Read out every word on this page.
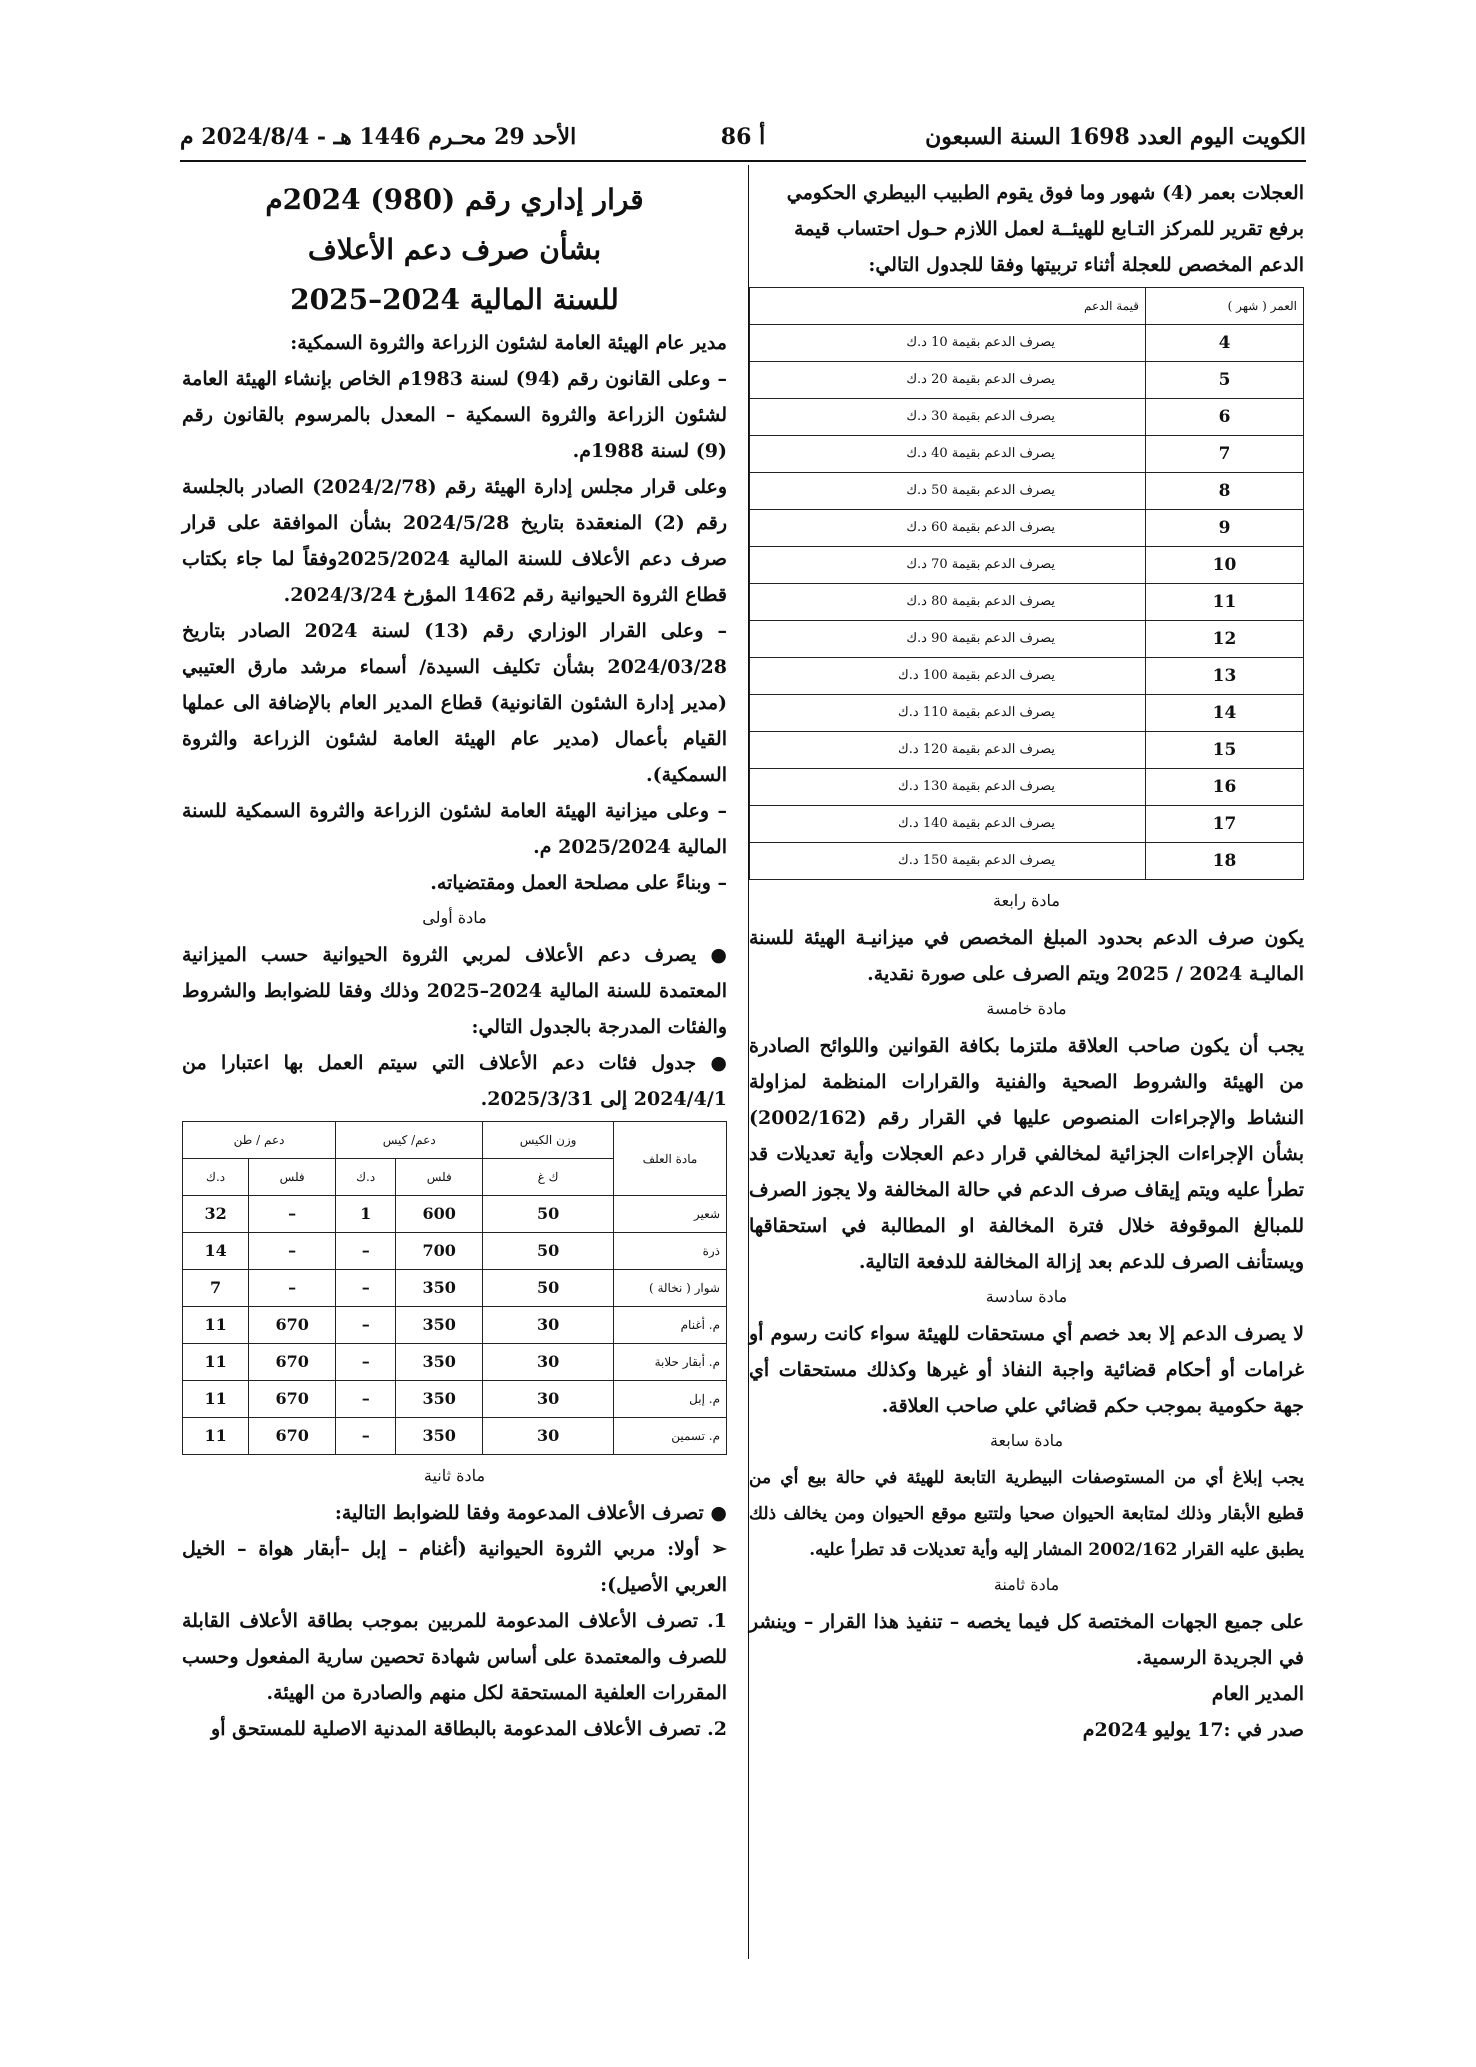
الكويت اليوم العدد 1698 السنة السبعون
أ 86
الأحد 29 محـرم 1446 هـ - 2024/8/4 م

العجلات بعمر (4) شهور وما فوق يقوم الطبيب البيطري الحكومي

برفع تقرير للمركز التـابع للهيئــة لعمل اللازم حـول احتساب قيمة

الدعم المخصص للعجلة أثناء تربيتها وفقا للجدول التالي:

العمر ( شهر )	قيمة الدعم
4	يصرف الدعم بقيمة 10 د.ك
5	يصرف الدعم بقيمة 20 د.ك
6	يصرف الدعم بقيمة 30 د.ك
7	يصرف الدعم بقيمة 40 د.ك
8	يصرف الدعم بقيمة 50 د.ك
9	يصرف الدعم بقيمة 60 د.ك
10	يصرف الدعم بقيمة 70 د.ك
11	يصرف الدعم بقيمة 80 د.ك
12	يصرف الدعم بقيمة 90 د.ك
13	يصرف الدعم بقيمة 100 د.ك
14	يصرف الدعم بقيمة 110 د.ك
15	يصرف الدعم بقيمة 120 د.ك
16	يصرف الدعم بقيمة 130 د.ك
17	يصرف الدعم بقيمة 140 د.ك
18	يصرف الدعم بقيمة 150 د.ك
مادة رابعة

يكون صرف الدعم بحدود المبلغ المخصص في ميزانيـة الهيئة للسنة الماليـة 2024 / 2025 ويتم الصرف على صورة نقدية.

مادة خامسة

يجب أن يكون صاحب العلاقة ملتزما بكافة القوانين واللوائح الصادرة من الهيئة والشروط الصحية والفنية والقرارات المنظمة لمزاولة النشاط والإجراءات المنصوص عليها في القرار رقم (2002/162) بشأن الإجراءات الجزائية لمخالفي قرار دعم العجلات وأية تعديلات قد تطرأ عليه ويتم إيقاف صرف الدعم في حالة المخالفة ولا يجوز الصرف للمبالغ الموقوفة خلال فترة المخالفة او المطالبة في استحقاقها ويستأنف الصرف للدعم بعد إزالة المخالفة للدفعة التالية.

مادة سادسة

لا يصرف الدعم إلا بعد خصم أي مستحقات للهيئة سواء كانت رسوم أو غرامات أو أحكام قضائية واجبة النفاذ أو غيرها وكذلك مستحقات أي جهة حكومية بموجب حكم قضائي علي صاحب العلاقة.

مادة سابعة

يجب إبلاغ أي من المستوصفات البيطرية التابعة للهيئة في حالة بيع أي من قطيع الأبقار وذلك لمتابعة الحيوان صحيا ولتتبع موقع الحيوان ومن يخالف ذلك يطبق عليه القرار 2002/162 المشار إليه وأية تعديلات قد تطرأ عليه.

مادة ثامنة

على جميع الجهات المختصة كل فيما يخصه – تنفيذ هذا القرار – وينشر في الجريدة الرسمية.

المدير العام

صدر في :17 يوليو 2024م

قرار إداري رقم (980) 2024م
بشأن صرف دعم الأعلاف
للسنة المالية 2024–2025

مدير عام الهيئة العامة لشئون الزراعة والثروة السمكية:

– وعلى القانون رقم (94) لسنة 1983م الخاص بإنشاء الهيئة العامة لشئون الزراعة والثروة السمكية – المعدل بالمرسوم بالقانون رقم (9) لسنة 1988م.

وعلى قرار مجلس إدارة الهيئة رقم (2024/2/78) الصادر بالجلسة رقم (2) المنعقدة بتاريخ 2024/5/28 بشأن الموافقة على قرار صرف دعم الأعلاف للسنة المالية 2025/2024وفقاً لما جاء بكتاب قطاع الثروة الحيوانية رقم 1462 المؤرخ 2024/3/24.

– وعلى القرار الوزاري رقم (13) لسنة 2024 الصادر بتاريخ 2024/03/28 بشأن تكليف السيدة/ أسماء مرشد مارق العتيبي (مدير إدارة الشئون القانونية) قطاع المدير العام بالإضافة الى عملها القيام بأعمال (مدير عام الهيئة العامة لشئون الزراعة والثروة السمكية).

– وعلى ميزانية الهيئة العامة لشئون الزراعة والثروة السمكية للسنة المالية 2025/2024 م.

– وبناءً على مصلحة العمل ومقتضياته.

مادة أولى

● يصرف دعم الأعلاف لمربي الثروة الحيوانية حسب الميزانية المعتمدة للسنة المالية 2024–2025 وذلك وفقا للضوابط والشروط والفئات المدرجة بالجدول التالي:

● جدول فئات دعم الأعلاف التي سيتم العمل بها اعتبارا من 2024/4/1 إلى 2025/3/31.

مادة العلف	وزن الكيس	دعم/ كيس		دعم / طن	
	ك غ	فلس	د.ك	فلس	د.ك
شعير	50	600	1	–	32
ذرة	50	700	–	–	14
شوار ( نخالة )	50	350	–	–	7
م. أغنام	30	350	–	670	11
م. أبقار حلابة	30	350	–	670	11
م. إبل	30	350	–	670	11
م. تسمين	30	350	–	670	11
مادة ثانية

● تصرف الأعلاف المدعومة وفقا للضوابط التالية:

➢ أولا: مربي الثروة الحيوانية (أغنام – إبل –أبقار هواة – الخيل العربي الأصيل):

1. تصرف الأعلاف المدعومة للمربين بموجب بطاقة الأعلاف القابلة للصرف والمعتمدة على أساس شهادة تحصين سارية المفعول وحسب المقررات العلفية المستحقة لكل منهم والصادرة من الهيئة.

2. تصرف الأعلاف المدعومة بالبطاقة المدنية الاصلية للمستحق أو
